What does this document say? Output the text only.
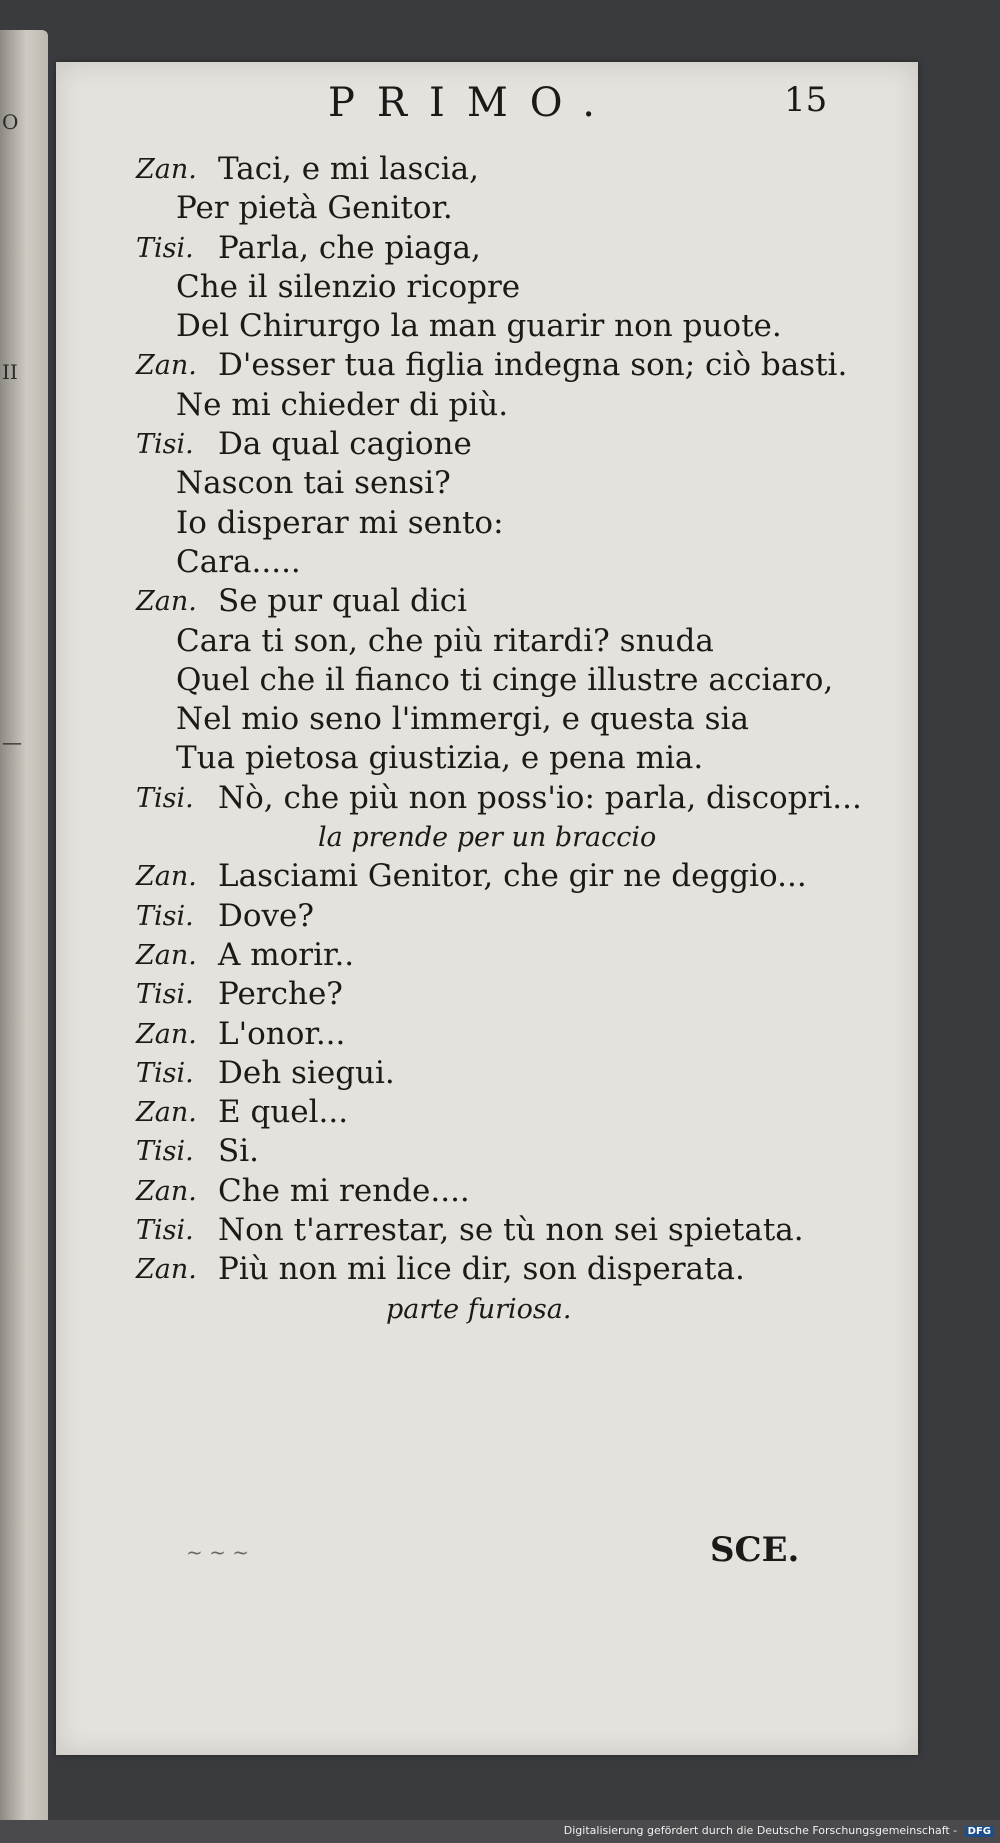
O
II
—
PRIMO.	15
Zan. Taci, e mi lascia,
Per pietà Genitor.
Tisi. Parla, che piaga,
Che il silenzio ricopre
Del Chirurgo la man guarir non puote.
Zan. D'esser tua figlia indegna son; ciò basti.
Ne mi chieder di più.
Tisi. Da qual cagione
Nascon tai sensi?
Io disperar mi sento:
Cara.....
Zan. Se pur qual dici
Cara ti son, che più ritardi? snuda
Quel che il fianco ti cinge illustre acciaro,
Nel mio seno l'immergi, e questa sia
Tua pietosa giustizia, e pena mia.
Tisi. Nò, che più non poss'io: parla, discopri...
la prende per un braccio
Zan. Lasciami Genitor, che gir ne deggio...
Tisi. Dove?
Zan. A morir..
Tisi. Perche?
Zan. L'onor...
Tisi. Deh siegui.
Zan. E quel...
Tisi. Si.
Zan. Che mi rende....
Tisi. Non t'arrestar, se tù non sei spietata.
Zan. Più non mi lice dir, son disperata.
parte furiosa.
~ ~ ~	SCE.
Digitalisierung gefördert durch die Deutsche Forschungsgemeinschaft - DFG
